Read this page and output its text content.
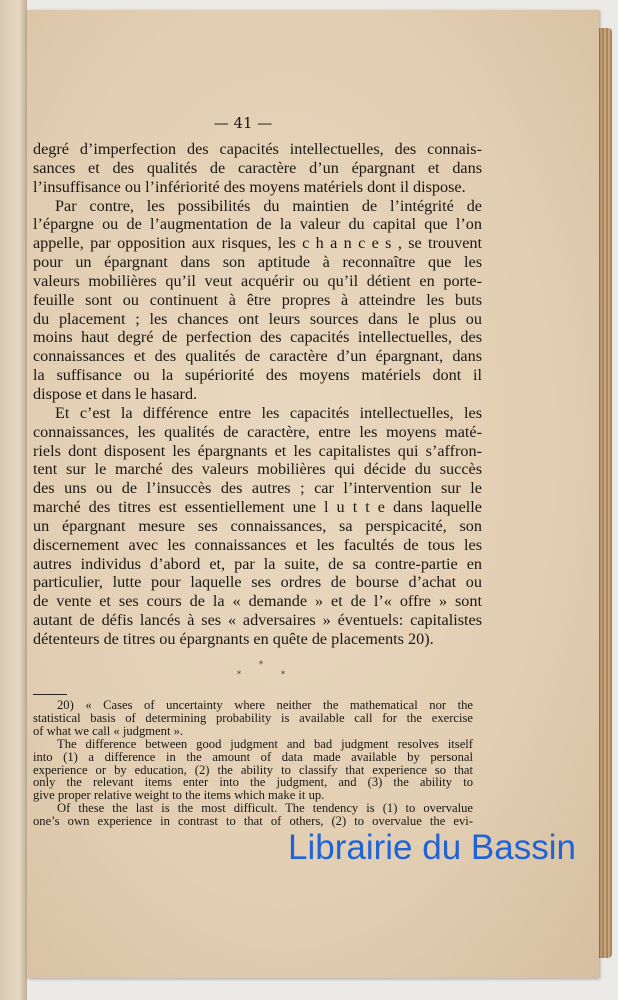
— 41 —
degré d’imperfection des capacités intellectuelles, des connais-
sances et des qualités de caractère d’un épargnant et dans
l’insuffisance ou l’infériorité des moyens matériels dont il dispose.
Par contre, les possibilités du maintien de l’intégrité de
l’épargne ou de l’augmentation de la valeur du capital que l’on
appelle, par opposition aux risques, les c h a n c e s , se trouvent
pour un épargnant dans son aptitude à reconnaître que les
valeurs mobilières qu’il veut acquérir ou qu’il détient en porte-
feuille sont ou continuent à être propres à atteindre les buts
du placement ; les chances ont leurs sources dans le plus ou
moins haut degré de perfection des capacités intellectuelles, des
connaissances et des qualités de caractère d’un épargnant, dans
la suffisance ou la supériorité des moyens matériels dont il
dispose et dans le hasard.
Et c’est la différence entre les capacités intellectuelles, les
connaissances, les qualités de caractère, entre les moyens maté-
riels dont disposent les épargnants et les capitalistes qui s’affron-
tent sur le marché des valeurs mobilières qui décide du succès
des uns ou de l’insuccès des autres ; car l’intervention sur le
marché des titres est essentiellement une l u t t e dans laquelle
un épargnant mesure ses connaissances, sa perspicacité, son
discernement avec les connaissances et les facultés de tous les
autres individus d’abord et, par la suite, de sa contre-partie en
particulier, lutte pour laquelle ses ordres de bourse d’achat ou
de vente et ses cours de la « demande » et de l’« offre » sont
autant de défis lancés à ses « adversaires » éventuels: capitalistes
détenteurs de titres ou épargnants en quête de placements 20).
*
*	*
20) « Cases of uncertainty where neither the mathematical nor the
statistical basis of determining probability is available call for the exercise
of what we call « judgment ».
The difference between good judgment and bad judgment resolves itself
into (1) a difference in the amount of data made available by personal
experience or by education, (2) the ability to classify that experience so that
only the relevant items enter into the judgment, and (3) the ability to
give proper relative weight to the items which make it up.
Of these the last is the most difficult. The tendency is (1) to overvalue
one’s own experience in contrast to that of others, (2) to overvalue the evi-
Librairie du Bassin
